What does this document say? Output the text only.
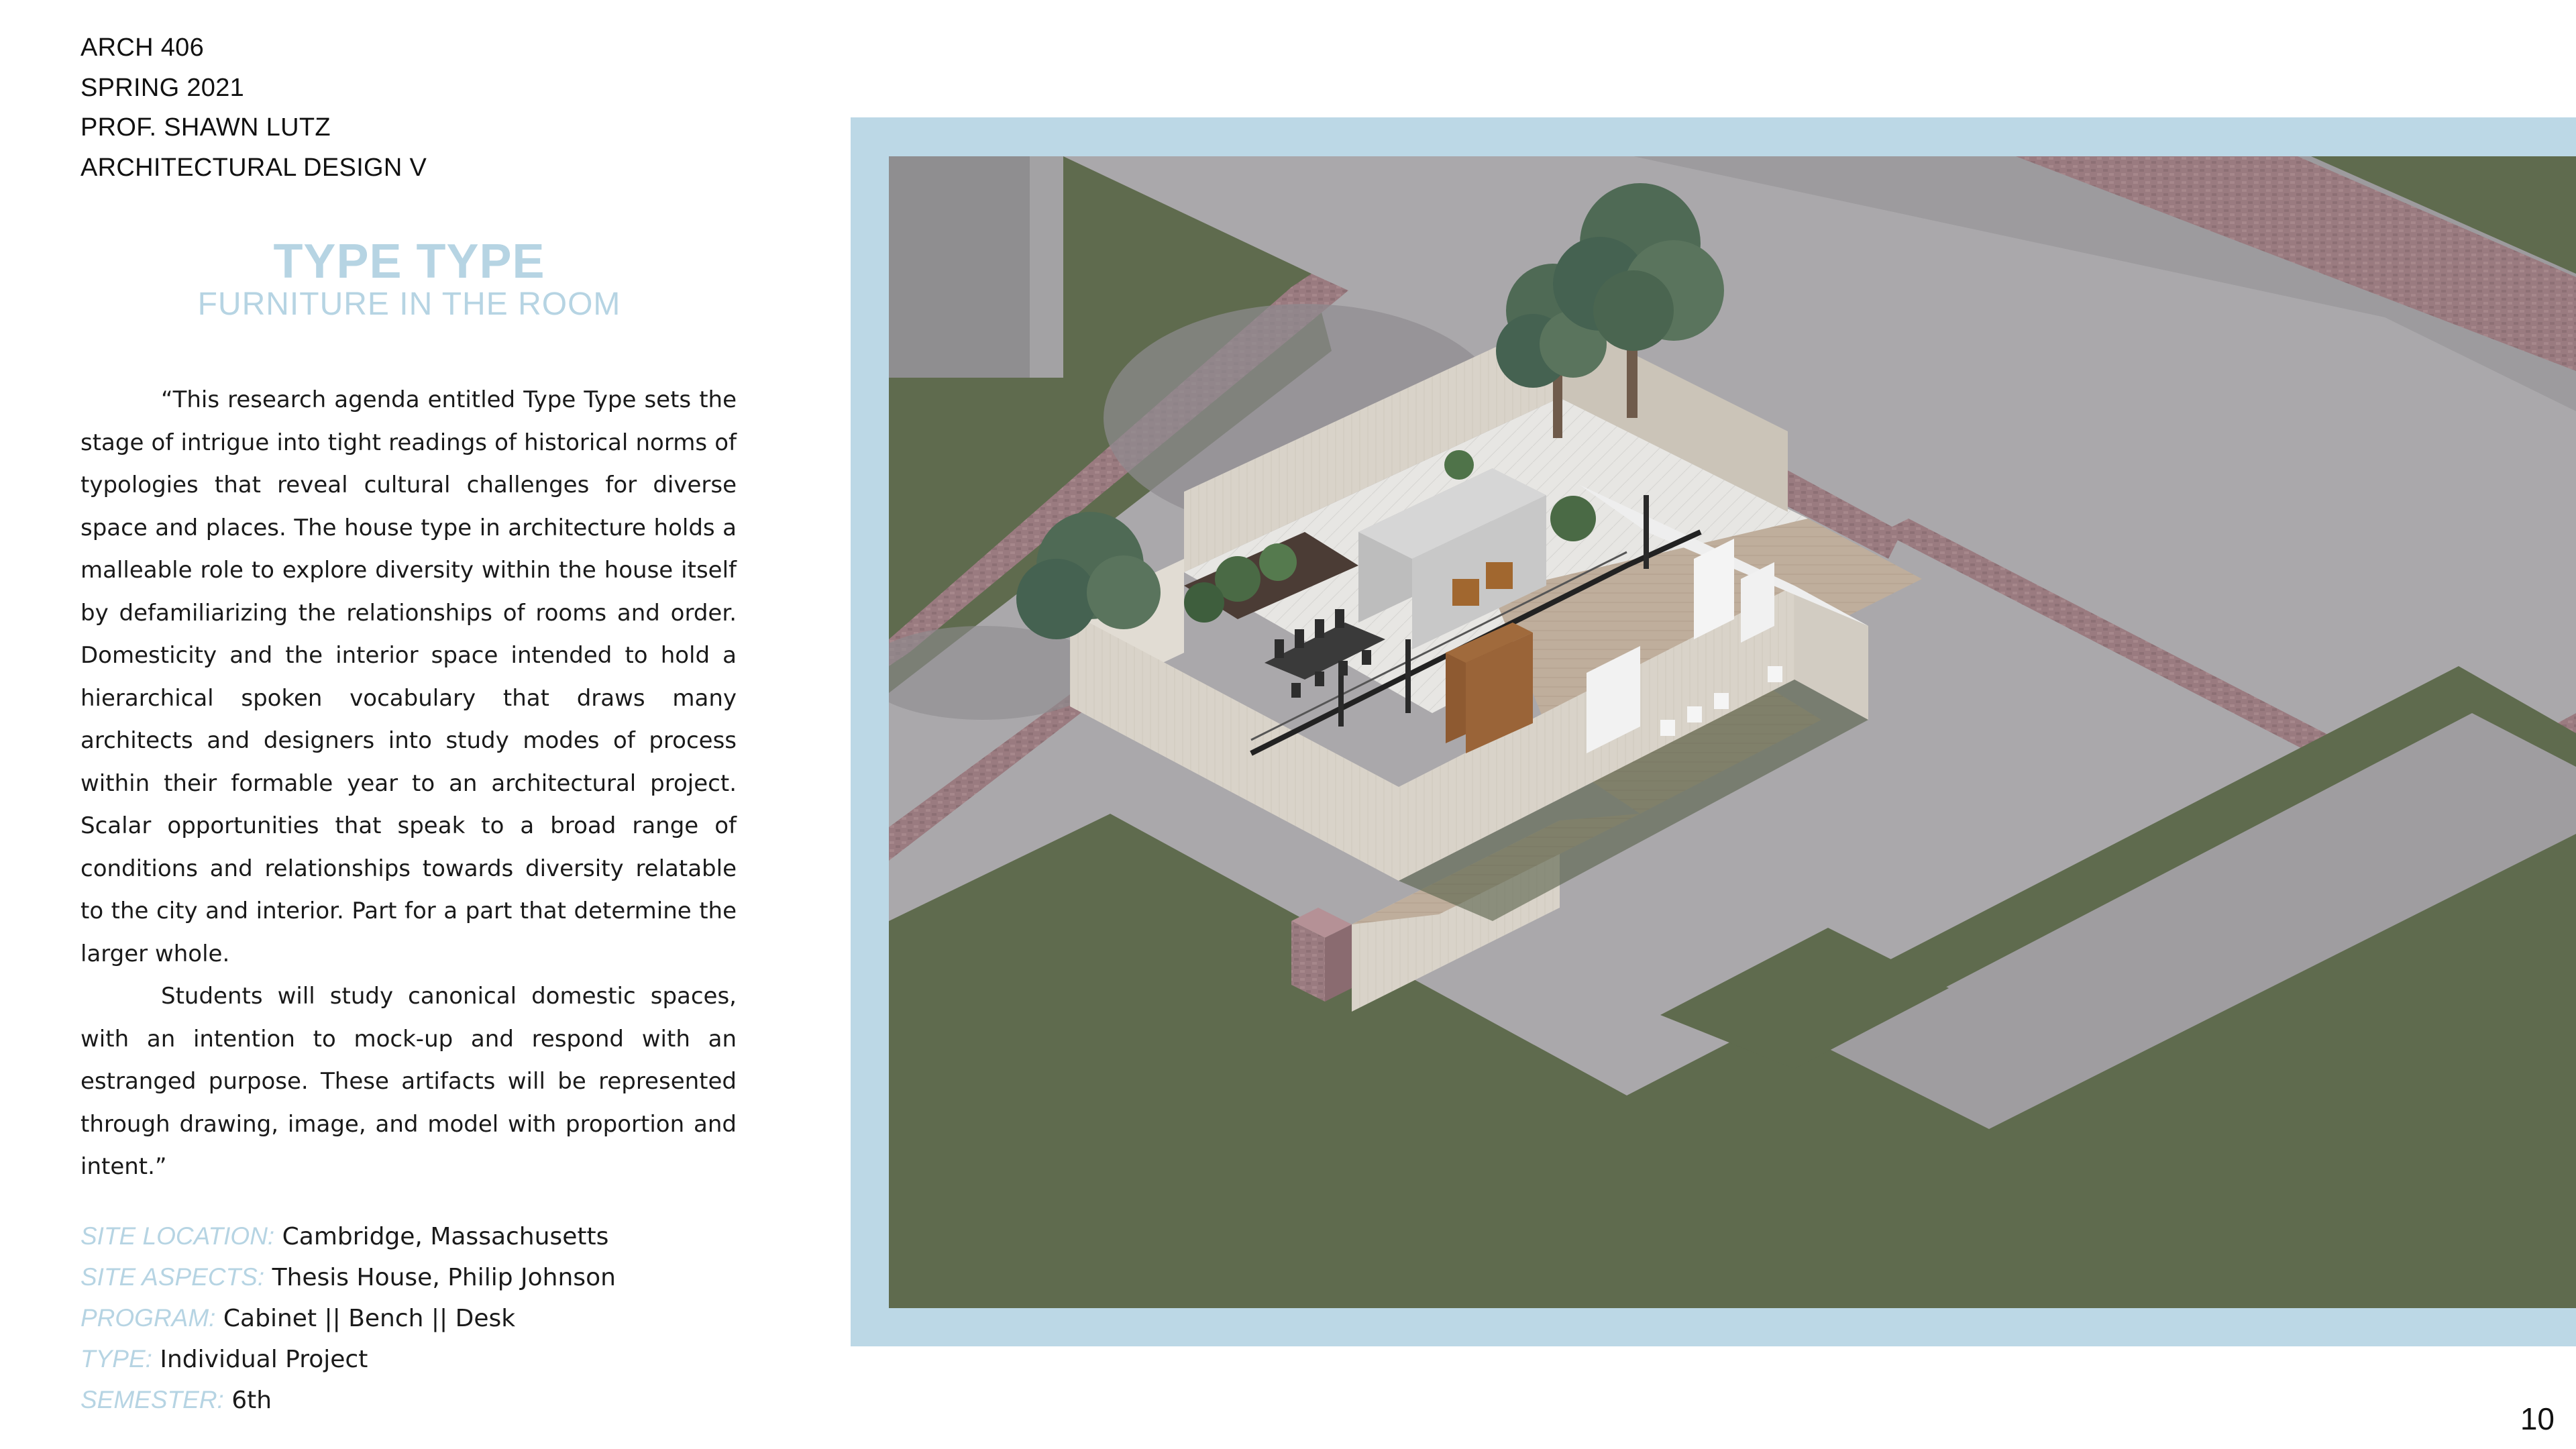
ARCH 406
SPRING 2021
PROF. SHAWN LUTZ
ARCHITECTURAL DESIGN V
TYPE TYPE
FURNITURE IN THE ROOM

“This research agenda entitled Type Type sets the stage of intrigue into tight readings of historical norms of typologies that reveal cultural challenges for diverse space and places. The house type in architecture holds a malleable role to explore diversity within the house itself by defamiliarizing the relationships of rooms and order. Domesticity and the interior space intended to hold a hierarchical spoken vocabulary that draws many architects and designers into study modes of process within their formable year to an architectural project. Scalar opportunities that speak to a broad range of conditions and relationships towards diversity relatable to the city and interior. Part for a part that determine the larger whole.

Students will study canonical domestic spaces, with an intention to mock-up and respond with an estranged purpose. These artifacts will be represented through drawing, image, and model with proportion and intent.”

SITE LOCATION: Cambridge, Massachusetts
SITE ASPECTS: Thesis House, Philip Johnson
PROGRAM: Cabinet || Bench || Desk
TYPE: Individual Project
SEMESTER: 6th
10
